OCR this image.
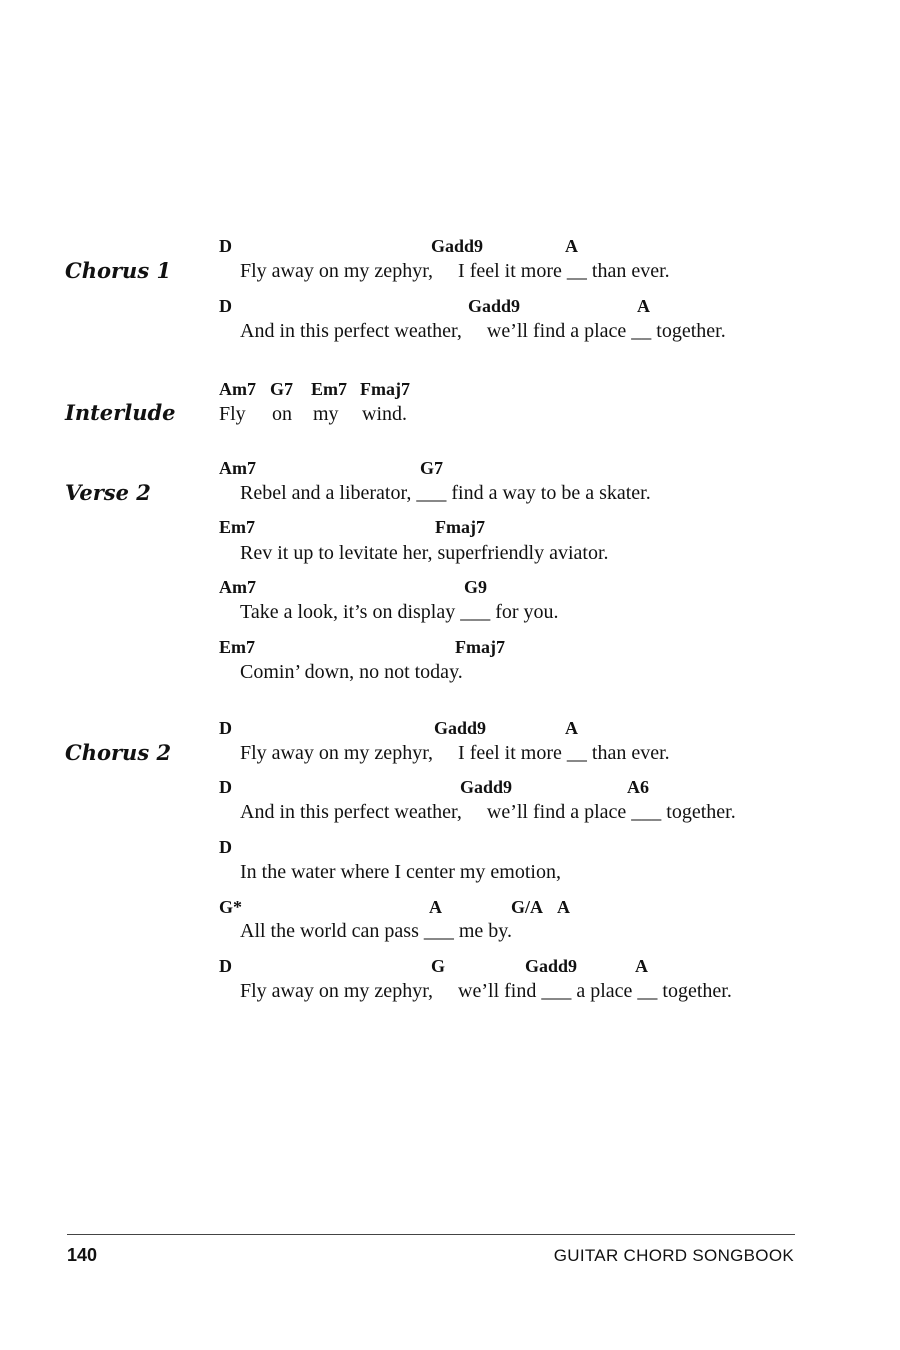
Chorus 1
D	Gadd9	A
Fly away on my zephyr,     I feel it more __ than ever.
D	Gadd9	A
And in this perfect weather,     we’ll find a place __ together.
Interlude
Am7 G7 Em7 Fmaj7
Fly on my wind.
Verse 2
Am7	G7
Rebel and a liberator, ___ find a way to be a skater.
Em7	Fmaj7
Rev it up to levitate her, superfriendly aviator.
Am7	G9
Take a look, it’s on display ___ for you.
Em7	Fmaj7
Comin’ down, no not today.
Chorus 2
D	Gadd9	A
Fly away on my zephyr,     I feel it more __ than ever.
D	Gadd9	A6
And in this perfect weather,     we’ll find a place ___ together.
D
In the water where I center my emotion,
G*	A	G/A A
All the world can pass ___ me by.
D	G	Gadd9	A
Fly away on my zephyr,     we’ll find ___ a place __ together.
140	GUITAR CHORD SONGBOOK
